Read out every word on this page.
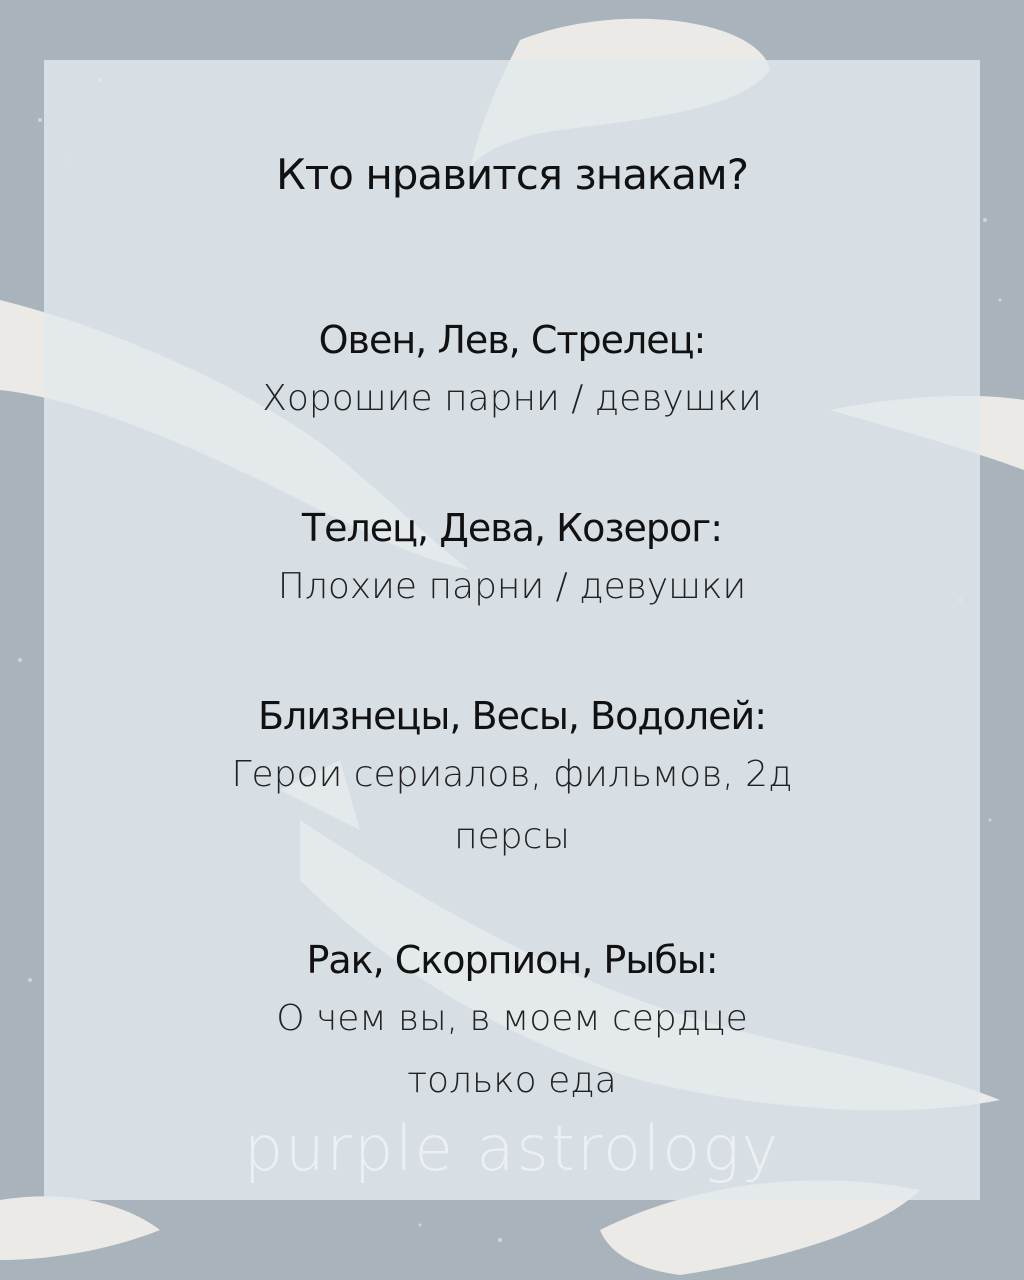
Кто нравится знакам?
Овен, Лев, Стрелец:
Хорошие парни / девушки
Телец, Дева, Козерог:
Плохие парни / девушки
Близнецы, Весы, Водолей:
Герои сериалов, фильмов, 2д
персы
Рак, Скорпион, Рыбы:
О чем вы, в моем сердце
только еда
purple astrology
